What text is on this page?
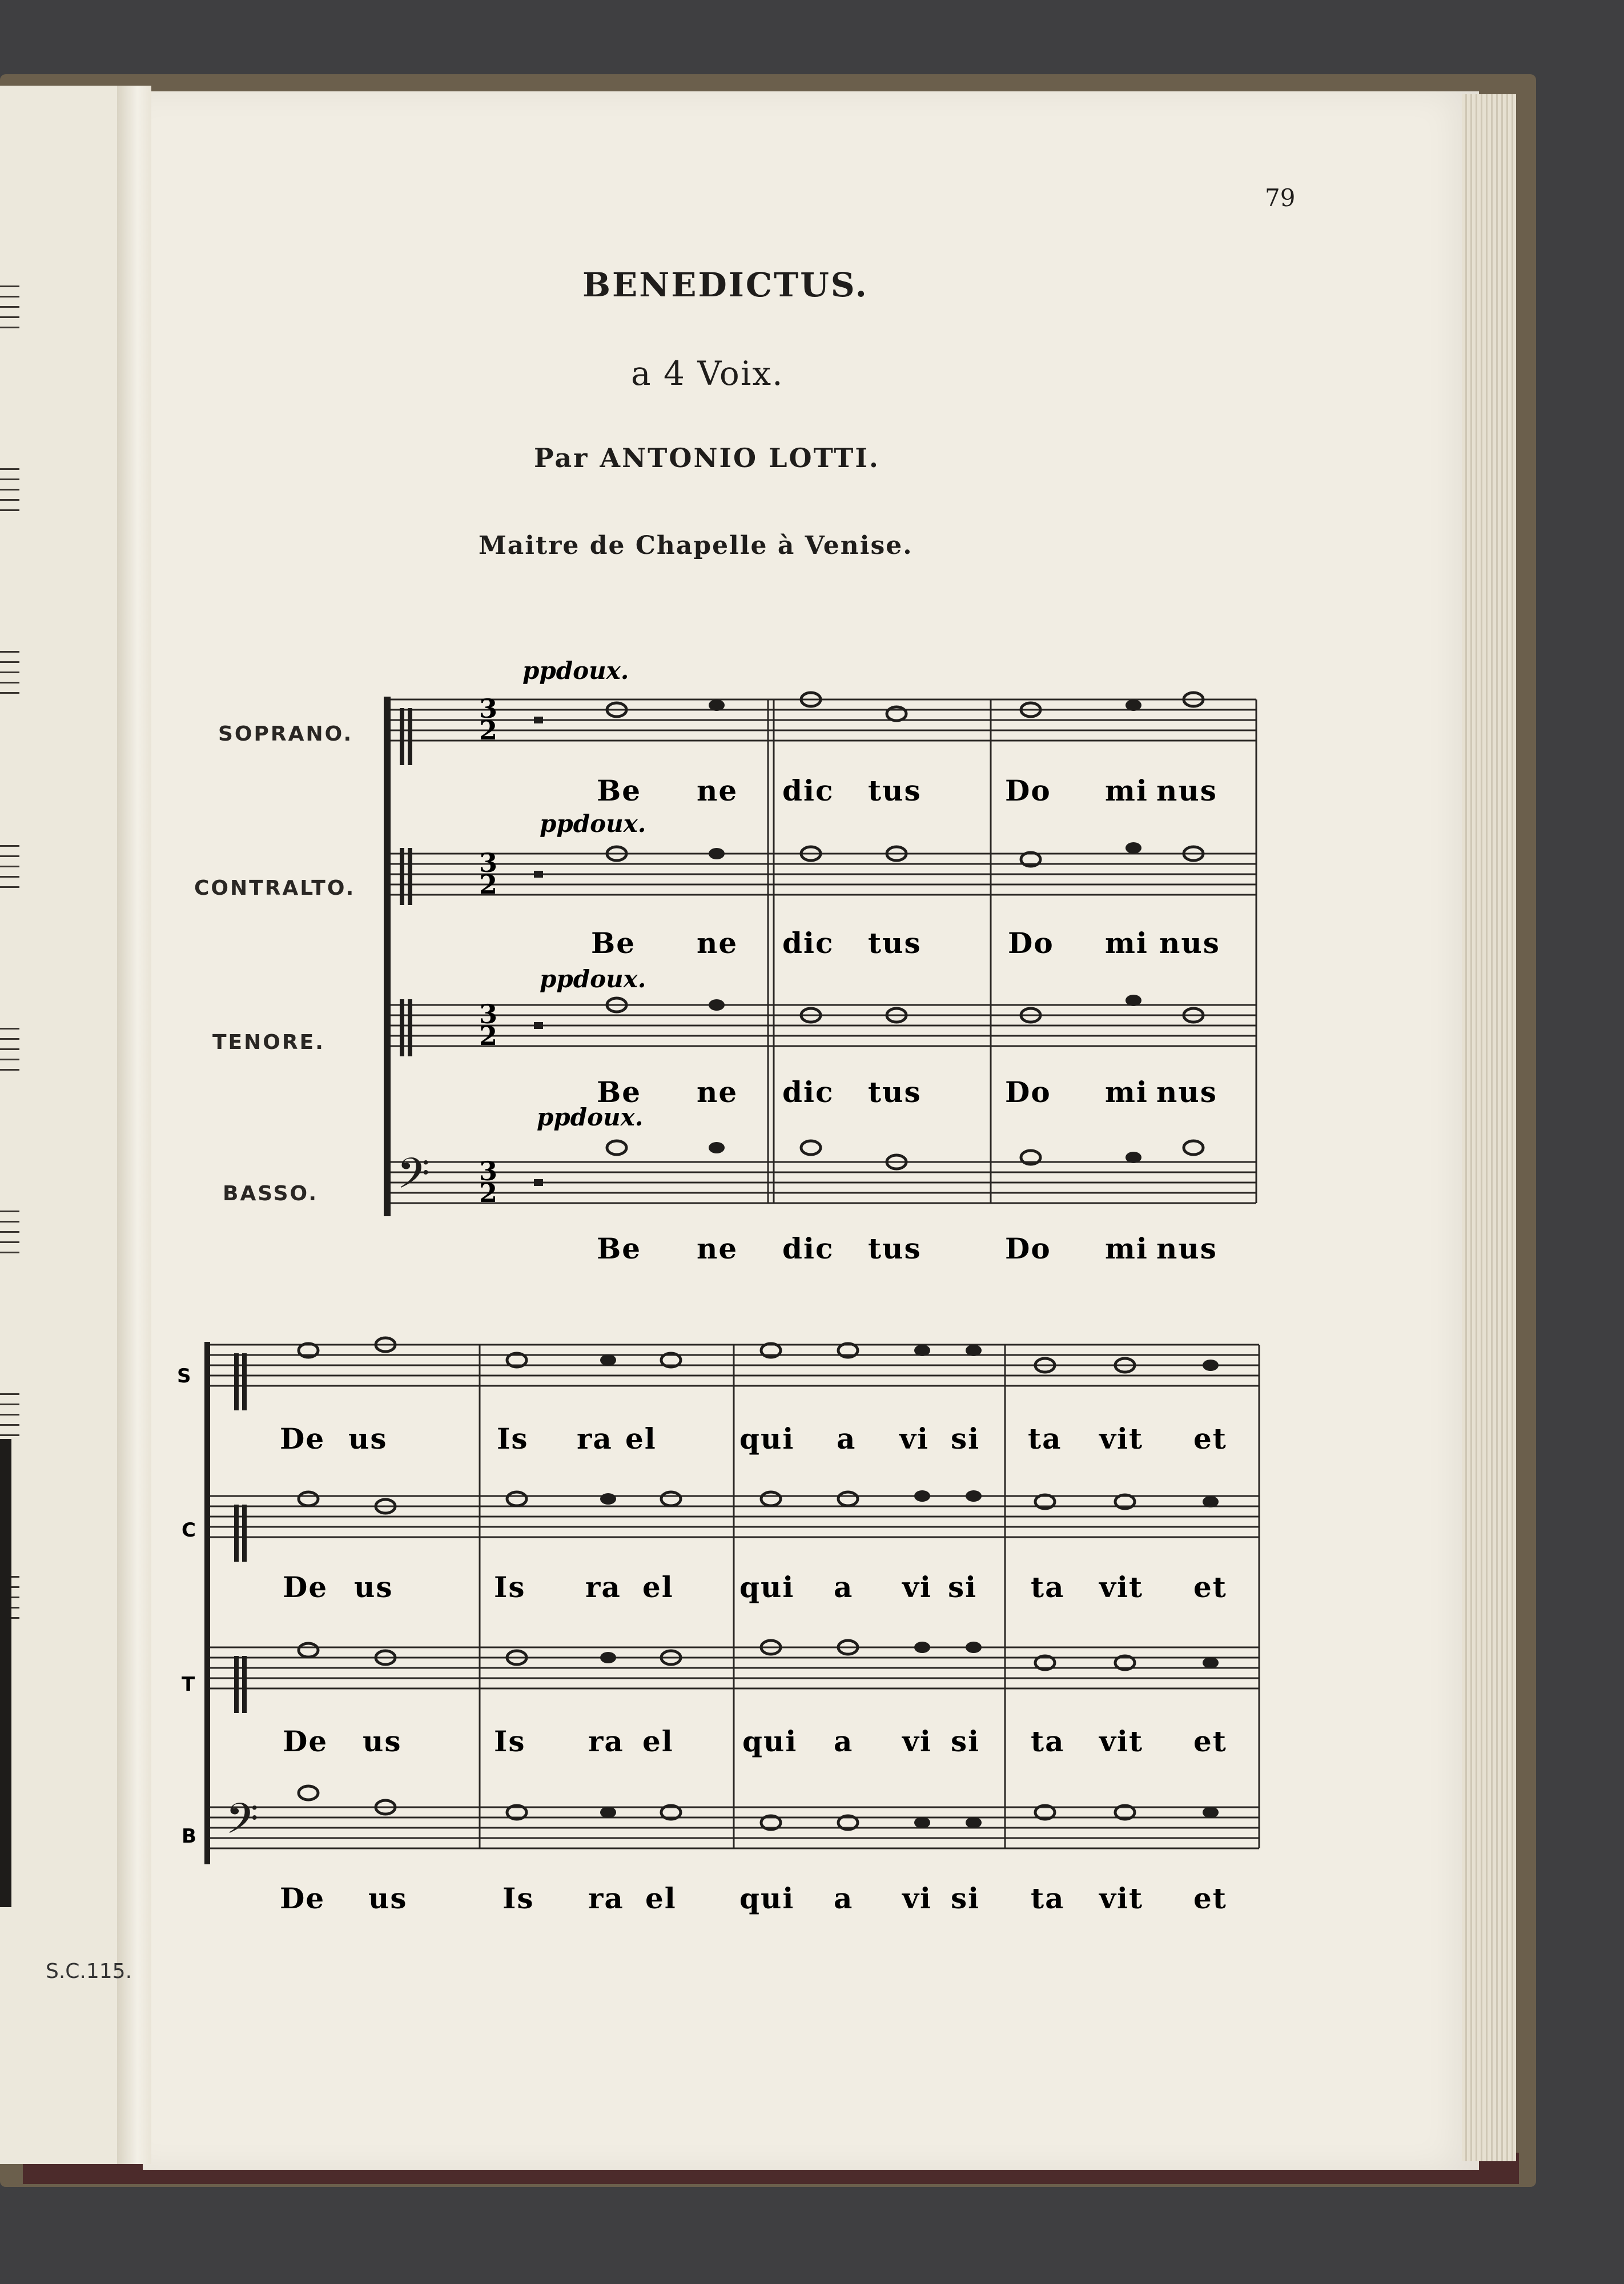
S.C.115.
79
BENEDICTUS.
a 4 Voix.
Par ANTONIO LOTTI.
Maitre de Chapelle à Venise.
𝄢
SOPRANO.
CONTRALTO.
TENORE.
BASSO.
ppdoux.
ppdoux.
ppdoux.
ppdoux.
3
2
3
2
3
2
3
2
Be ne dic tus	Do mi nus
Be ne dic tus	Do mi nus
Be ne dic tus	Do mi nus
Be ne dic tus	Do mi nus
𝄢
S
C
T
B
De us	Is ra el	qui a vi si ta vit et
De us	Is ra el qui a vi si ta vit et
De us	Is ra el qui a vi si ta vit et
De us	Is ra el qui a vi si ta vit et
